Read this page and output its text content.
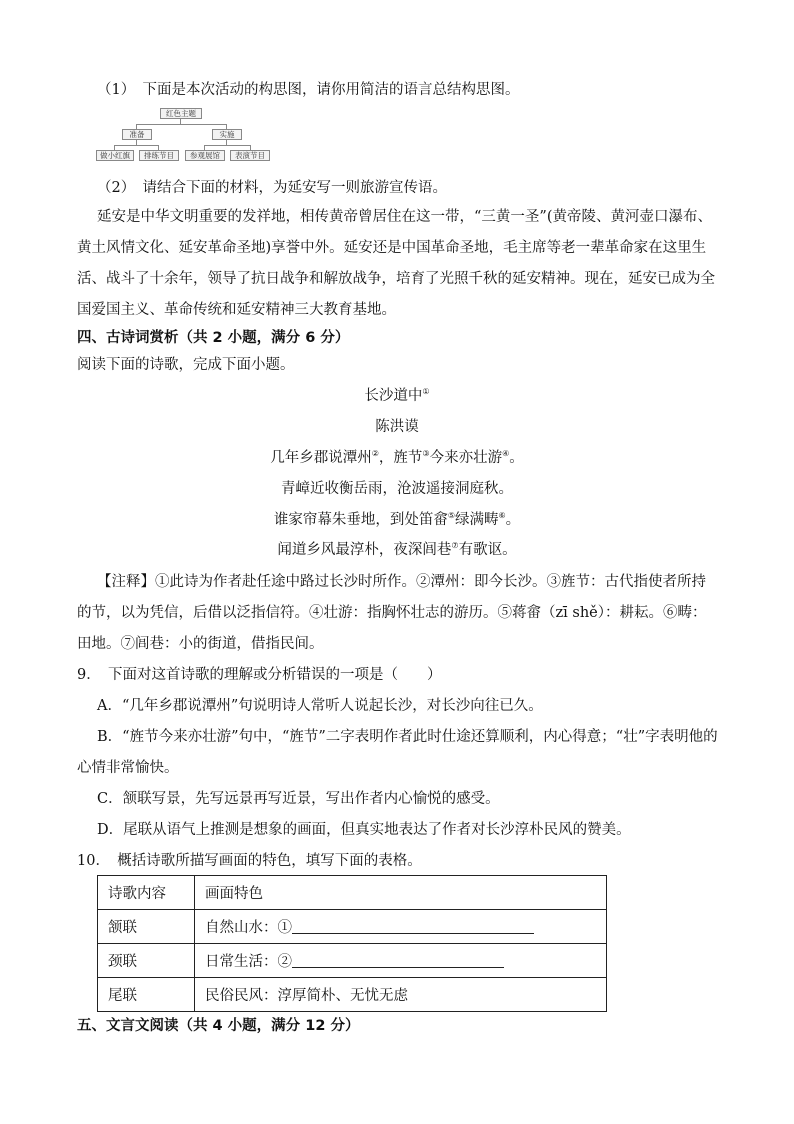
（1）　下面是本次活动的构思图，请你用简洁的语言总结构思图。
红色主题
准备	实施
做小红旗	排练节目	参观展馆	表演节目
（2）　请结合下面的材料，为延安写一则旅游宣传语。
延安是中华文明重要的发祥地，相传黄帝曾居住在这一带，“三黄一圣”(黄帝陵、黄河壶口瀑布、
黄土风情文化、延安革命圣地)享誉中外。延安还是中国革命圣地，毛主席等老一辈革命家在这里生
活、战斗了十余年，领导了抗日战争和解放战争，培育了光照千秋的延安精神。现在，延安已成为全
国爱国主义、革命传统和延安精神三大教育基地。
四、古诗词赏析（共 2 小题，满分 6 分）
阅读下面的诗歌，完成下面小题。
长沙道中①
陈洪谟
几年乡郡说潭州②，旌节③今来亦壮游④。
青嶂近收衡岳雨，沧波遥接洞庭秋。
谁家帘幕朱垂地，到处笛畲⑤绿满畴⑥。
闻道乡风最淳朴，夜深闾巷⑦有歌讴。
【注释】①此诗为作者赴任途中路过长沙时所作。②潭州：即今长沙。③旌节：古代指使者所持
的节，以为凭信，后借以泛指信符。④壮游：指胸怀壮志的游历。⑤蒋畲（zī shě）：耕耘。⑥畴：
田地。⑦闾巷：小的街道，借指民间。
9．　下面对这首诗歌的理解或分析错误的一项是（　　）
A．“几年乡郡说潭州”句说明诗人常听人说起长沙，对长沙向往已久。
B．“旌节今来亦壮游”句中，“旌节”二字表明作者此时仕途还算顺利，内心得意；“壮”字表明他的
心情非常愉快。
C．颔联写景，先写远景再写近景，写出作者内心愉悦的感受。
D．尾联从语气上推测是想象的画面，但真实地表达了作者对长沙淳朴民风的赞美。
10．　概括诗歌所描写画面的特色，填写下面的表格。
诗歌内容	画面特色
颔联	自然山水：①
颈联	日常生活：②
尾联	民俗民风：淳厚简朴、无忧无虑
五、文言文阅读（共 4 小题，满分 12 分）
